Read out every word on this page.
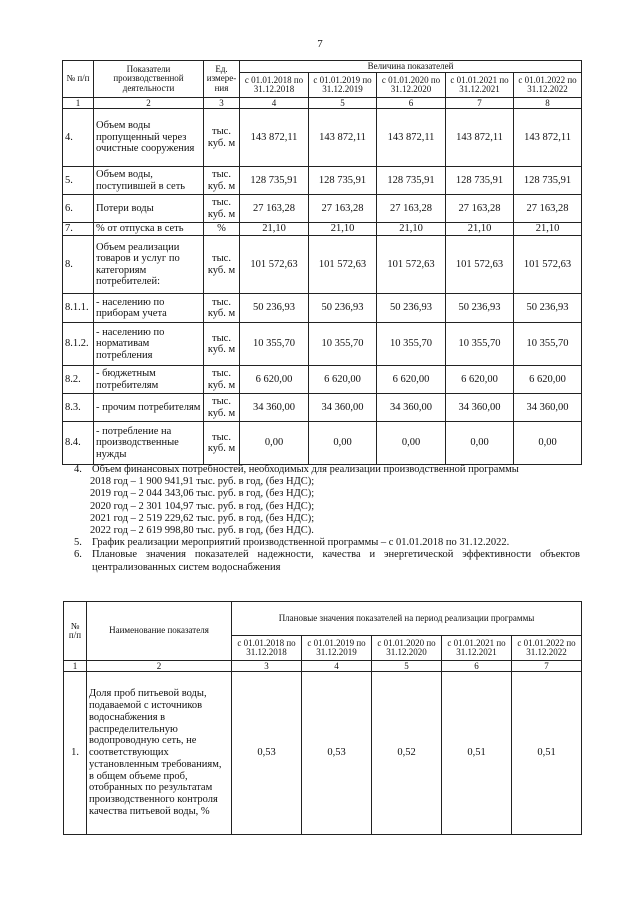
7
№ п/п	Показатели производственной деятельности	Ед. измере-ния	Величина показателей				
			с 01.01.2018 по 31.12.2018	с 01.01.2019 по 31.12.2019	с 01.01.2020 по 31.12.2020	с 01.01.2021 по 31.12.2021	с 01.01.2022 по 31.12.2022
1	2	3	4	5	6	7	8
4.	Объем воды пропущенный через очистные сооружения	тыс. куб. м	143 872,11	143 872,11	143 872,11	143 872,11	143 872,11
5.	Объем воды, поступившей в сеть	тыс. куб. м	128 735,91	128 735,91	128 735,91	128 735,91	128 735,91
6.	Потери воды	тыс. куб. м	27 163,28	27 163,28	27 163,28	27 163,28	27 163,28
7.	% от отпуска в сеть	%	21,10	21,10	21,10	21,10	21,10
8.	Объем реализации товаров и услуг по категориям потребителей:	тыс. куб. м	101 572,63	101 572,63	101 572,63	101 572,63	101 572,63
8.1.1.	- населению по приборам учета	тыс. куб. м	50 236,93	50 236,93	50 236,93	50 236,93	50 236,93
8.1.2.	- населению по нормативам потребления	тыс. куб. м	10 355,70	10 355,70	10 355,70	10 355,70	10 355,70
8.2.	- бюджетным потребителям	тыс. куб. м	6 620,00	6 620,00	6 620,00	6 620,00	6 620,00
8.3.	- прочим потребителям	тыс. куб. м	34 360,00	34 360,00	34 360,00	34 360,00	34 360,00
8.4.	- потребление на производственные нужды	тыс. куб. м	0,00	0,00	0,00	0,00	0,00
4. Объем финансовых потребностей, необходимых для реализации производственной программы
2018 год – 1 900 941,91 тыс. руб. в год, (без НДС);
2019 год – 2 044 343,06 тыс. руб. в год, (без НДС);
2020 год – 2 301 104,97 тыс. руб. в год, (без НДС);
2021 год – 2 519 229,62 тыс. руб. в год, (без НДС);
2022 год – 2 619 998,80 тыс. руб. в год, (без НДС).
5. График реализации мероприятий производственной программы – с 01.01.2018 по 31.12.2022.
6. Плановые значения показателей надежности, качества и энергетической эффективности объектов централизованных систем водоснабжения
№ п/п	Наименование показателя	Плановые значения показателей на период реализации программы				
		с 01.01.2018 по 31.12.2018	с 01.01.2019 по 31.12.2019	с 01.01.2020 по 31.12.2020	с 01.01.2021 по 31.12.2021	с 01.01.2022 по 31.12.2022
1	2	3	4	5	6	7
1.	Доля проб питьевой воды, подаваемой с источников водоснабжения в распределительную водопроводную сеть, не соответствующих установленным требованиям, в общем объеме проб, отобранных по результатам производственного контроля качества питьевой воды, %	0,53	0,53	0,52	0,51	0,51
